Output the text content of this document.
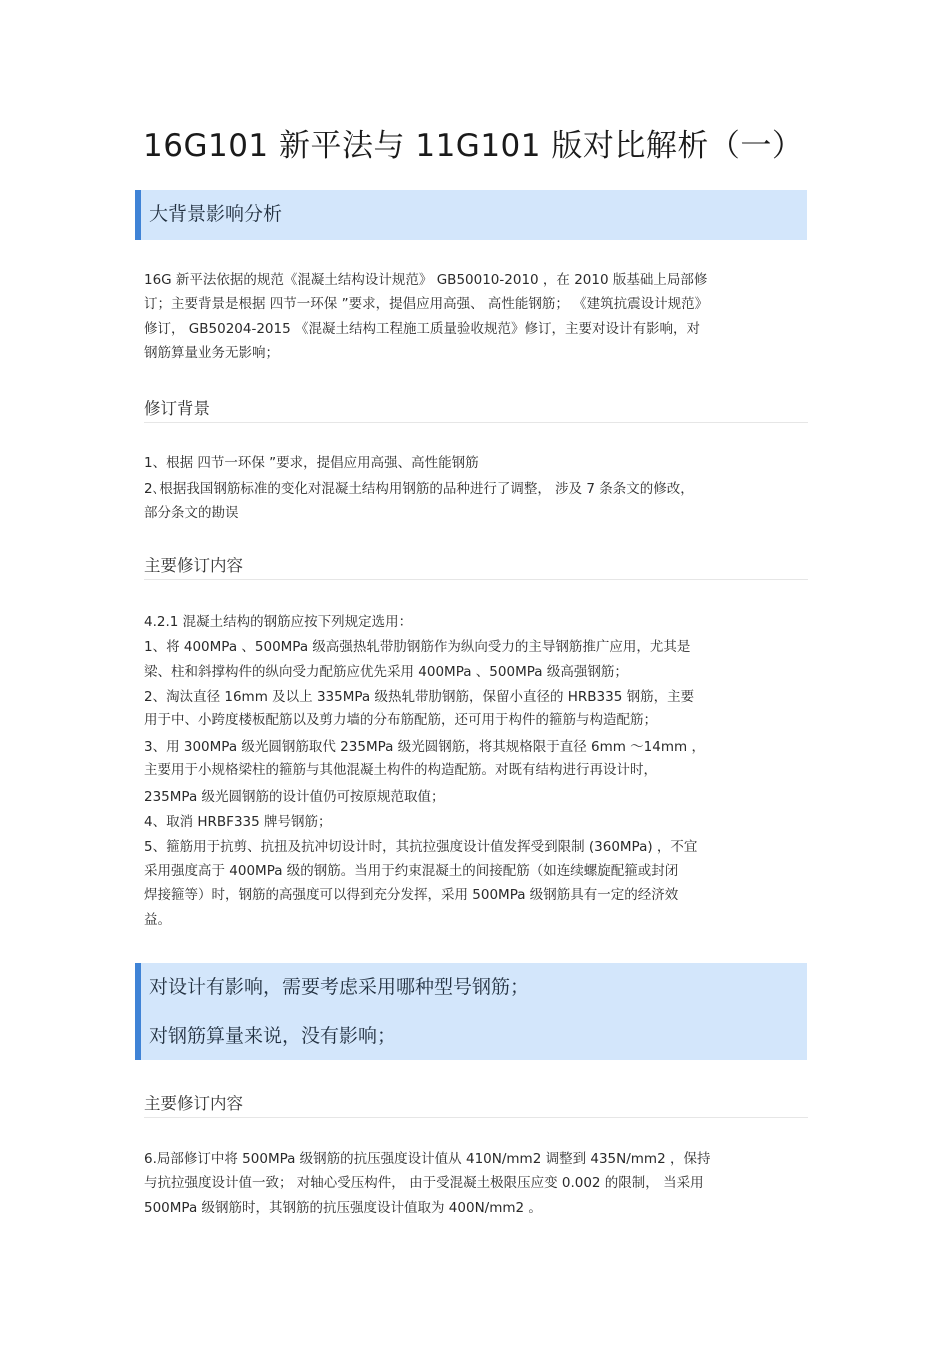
16G101 新平法与 11G101 版对比解析（一）
大背景影响分析
16G 新平法依据的规范《混凝土结构设计规范》 GB50010-2010 ，在 2010 版基础上局部修
订；主要背景是根据 四节一环保 ”要求，提倡应用高强、 高性能钢筋； 《建筑抗震设计规范》
修订， GB50204-2015 《混凝土结构工程施工质量验收规范》修订，主要对设计有影响，对
钢筋算量业务无影响；
修订背景
1、根据 四节一环保 ”要求，提倡应用高强、高性能钢筋
2､根据我国钢筋标准的变化对混凝土结构用钢筋的品种进行了调整， 涉及 7 条条文的修改，
部分条文的勘误
主要修订内容
4.2.1 混凝土结构的钢筋应按下列规定选用：
1、将 400MPa 、500MPa 级高强热轧带肋钢筋作为纵向受力的主导钢筋推广应用，尤其是
梁、柱和斜撑构件的纵向受力配筋应优先采用 400MPa 、500MPa 级高强钢筋；
2、淘汰直径 16mm 及以上 335MPa 级热轧带肋钢筋，保留小直径的 HRB335 钢筋，主要
用于中、小跨度楼板配筋以及剪力墙的分布筋配筋，还可用于构件的箍筋与构造配筋；
3、用 300MPa 级光圆钢筋取代 235MPa 级光圆钢筋，将其规格限于直径 6mm ～14mm ，
主要用于小规格梁柱的箍筋与其他混凝土构件的构造配筋。对既有结构进行再设计时，
235MPa 级光圆钢筋的设计值仍可按原规范取值；
4、取消 HRBF335 牌号钢筋；
5、箍筋用于抗剪、抗扭及抗冲切设计时，其抗拉强度设计值发挥受到限制 (360MPa) ，不宜
采用强度高于 400MPa 级的钢筋。当用于约束混凝土的间接配筋（如连续螺旋配箍或封闭
焊接箍等）时，钢筋的高强度可以得到充分发挥，采用 500MPa 级钢筋具有一定的经济效
益。
对设计有影响，需要考虑采用哪种型号钢筋；
对钢筋算量来说，没有影响；
主要修订内容
6.局部修订中将 500MPa 级钢筋的抗压强度设计值从 410N/mm2 调整到 435N/mm2 ，保持
与抗拉强度设计值一致； 对轴心受压构件， 由于受混凝土极限压应变 0.002 的限制， 当采用
500MPa 级钢筋时，其钢筋的抗压强度设计值取为 400N/mm2 。
